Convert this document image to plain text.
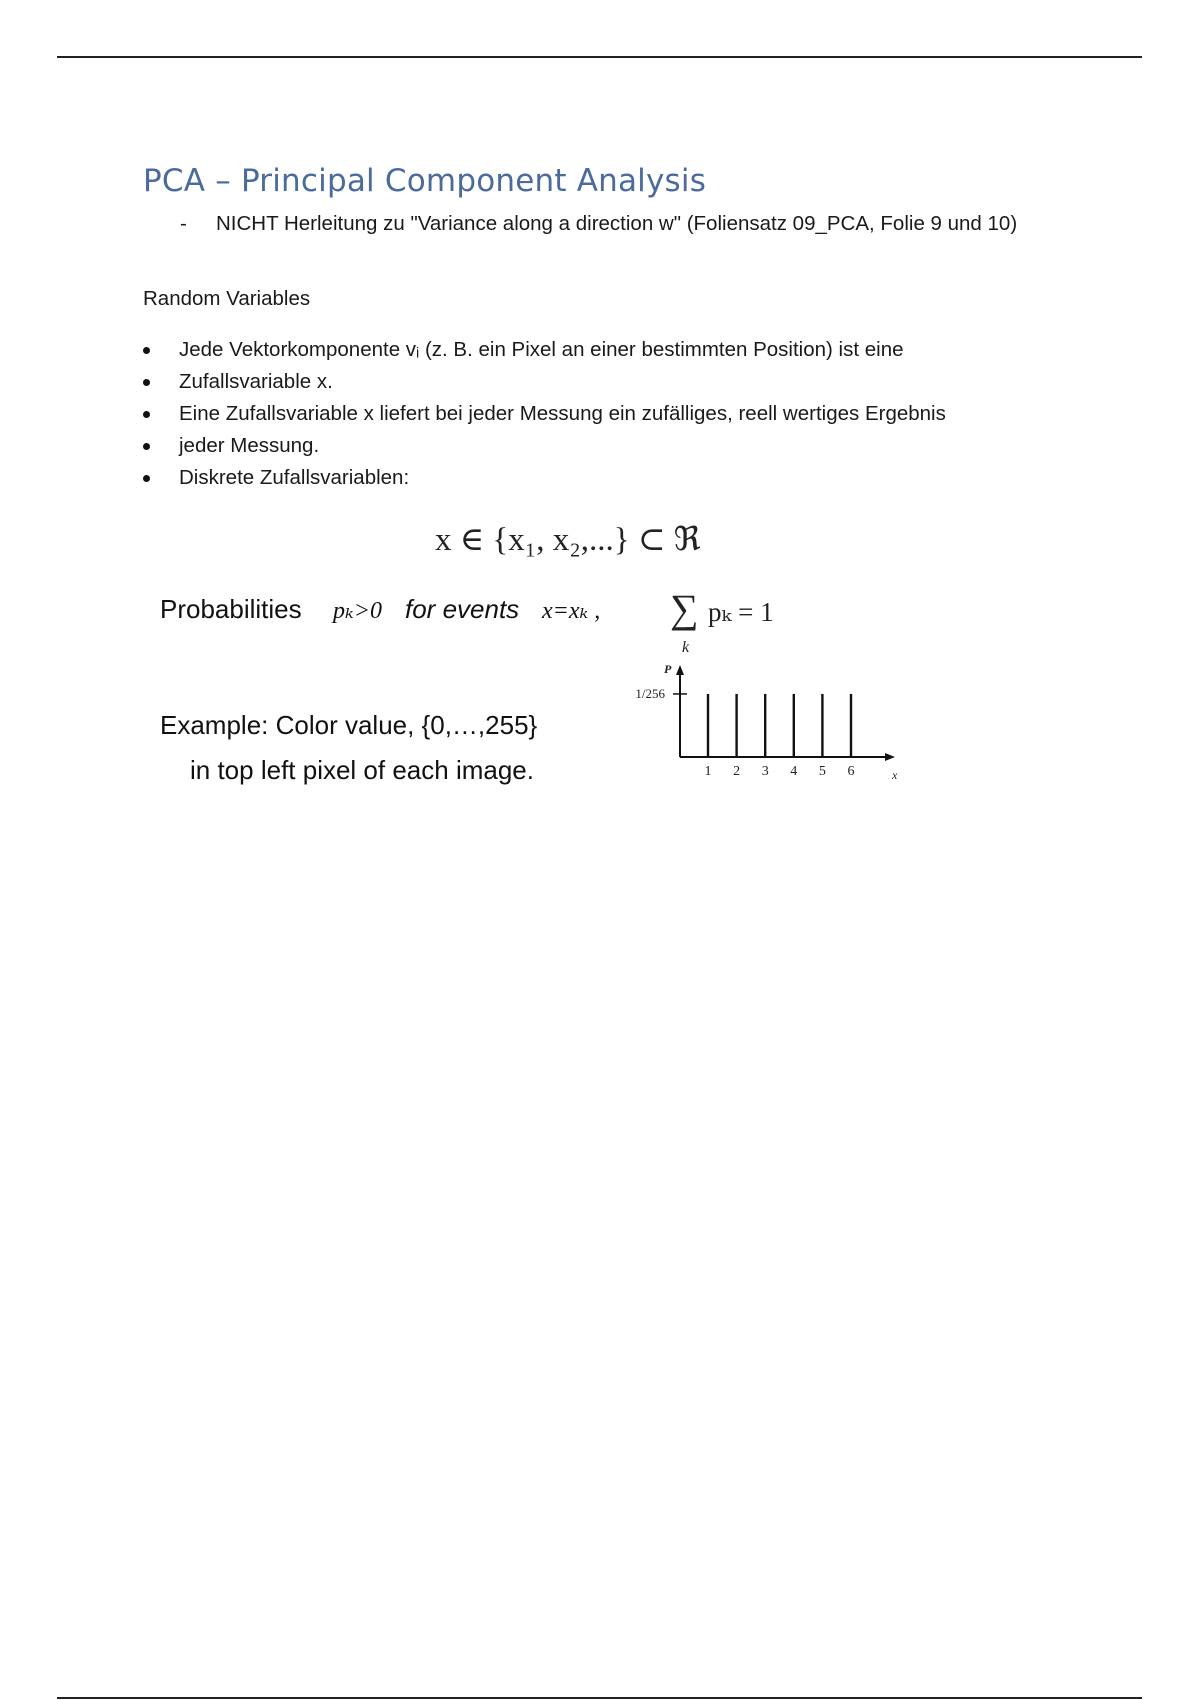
PCA – Principal Component Analysis
- NICHT Herleitung zu "Variance along a direction w" (Foliensatz 09_PCA, Folie 9 und 10)
Random Variables
Jede Vektorkomponente vᵢ (z. B. ein Pixel an einer bestimmten Position) ist eine
Zufallsvariable x.
Eine Zufallsvariable x liefert bei jeder Messung ein zufälliges, reell wertiges Ergebnis
jeder Messung.
Diskrete Zufallsvariablen:
x ∈ {x₁, x₂,...} ⊂ ℜ
Probabilities pₖ>0 for events x=xₖ , ∑
k
pₖ = 1
Example: Color value, {0,…,255}
in top left pixel of each image.
1/256
P
x
1 2 3 4 5 6
